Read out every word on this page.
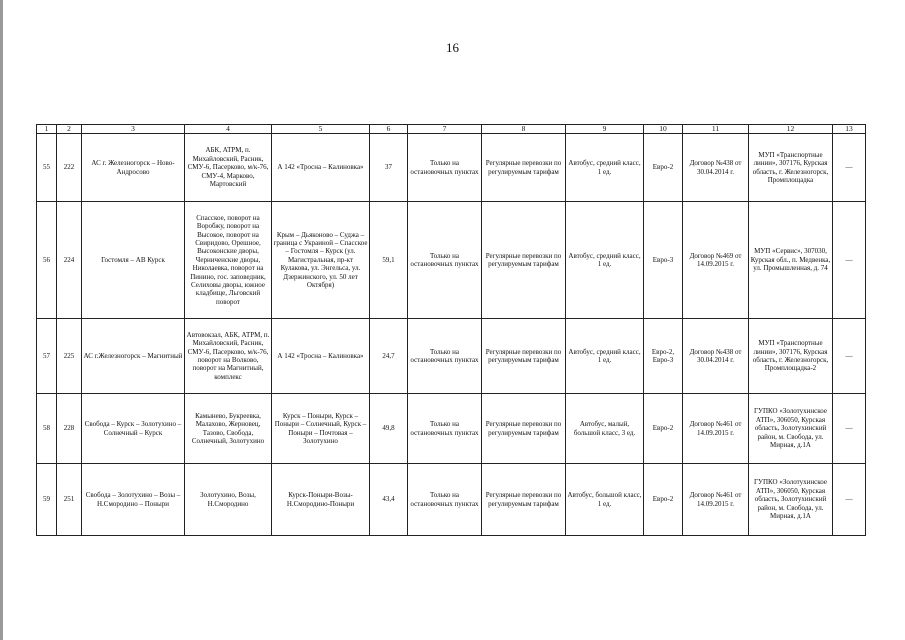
16
1	2	3	4	5	6	7	8	9	10	11	12	13
55	222	АС г. Железногорск – Ново-Андросово	АБК, АТРМ, п. Михайловский, Расник, СМУ-6, Пасерково, м/к-76, СМУ-4, Марково, Мартовский	А 142 «Тросна – Калиновка»	37	Только на остановочных пунктах	Регулярные перевозки по регулируемым тарифам	Автобус, средний класс, 1 ед.	Евро-2	Договор №438 от 30.04.2014 г.	МУП «Транспортные линии», 307176, Курская область, г. Железногорск, Промплощадка	—
56	224	Гостомля – АВ Курск	Спасское, поворот на Воробжу, поворот на Высокое, поворот на Свиридово, Орешное, Высоконские дворы, Черниченские дворы, Николаевка, поворот на Пинино, гос. заповедник, Селиховы дворы, южное кладбище, Льговский поворот	Крым – Дьяконово – Суджа – граница с Украиной – Спасское – Гостомля – Курск (ул. Магистральная, пр-кт Кулакова, ул. Энгельса, ул. Дзержинского, ул. 50 лет Октября)	59,1	Только на остановочных пунктах	Регулярные перевозки по регулируемым тарифам	Автобус, средний класс, 1 ед.	Евро-3	Договор №469 от 14.09.2015 г.	МУП «Сервис», 307030, Курская обл., п. Медвенка, ул. Промышленная, д. 74	—
57	225	АС г.Железногорск – Магнитный	Автовокзал, АБК, АТРМ, п. Михайловский, Расник, СМУ-6, Пасерково, м/к-76, поворот на Волково, поворот на Магнитный, комплекс	А 142 «Тросна – Калиновка»	24,7	Только на остановочных пунктах	Регулярные перевозки по регулируемым тарифам	Автобус, средний класс, 1 ед.	Евро-2, Евро-3	Договор №438 от 30.04.2014 г.	МУП «Транспортные линии», 307176, Курская область, г. Железногорск, Промплощадка-2	—
58	228	Свобода – Курск – Золотухино – Солнечный – Курск	Камынево, Букреевка, Малахово, Жерновец, Тазово, Свобода, Солнечный, Золотухино	Курск – Поныри, Курск – Поныри – Солнечный, Курск – Поныри – Почтовая – Золотухино	49,8	Только на остановочных пунктах	Регулярные перевозки по регулируемым тарифам	Автобус, малый, большой класс, 3 ед.	Евро-2	Договор №461 от 14.09.2015 г.	ГУПКО «Золотухинское АТП», 306050, Курская область, Золотухинский район, м. Свобода, ул. Мирная, д.1А	—
59	251	Свобода – Золотухино – Возы – Н.Смородино – Поныри	Золотухино, Возы, Н.Смородино	Курск-Поныри-Возы-Н.Смородино-Поныри	43,4	Только на остановочных пунктах	Регулярные перевозки по регулируемым тарифам	Автобус, большой класс, 1 ед.	Евро-2	Договор №461 от 14.09.2015 г.	ГУПКО «Золотухинское АТП», 306050, Курская область, Золотухинский район, м. Свобода, ул. Мирная, д.1А	—
